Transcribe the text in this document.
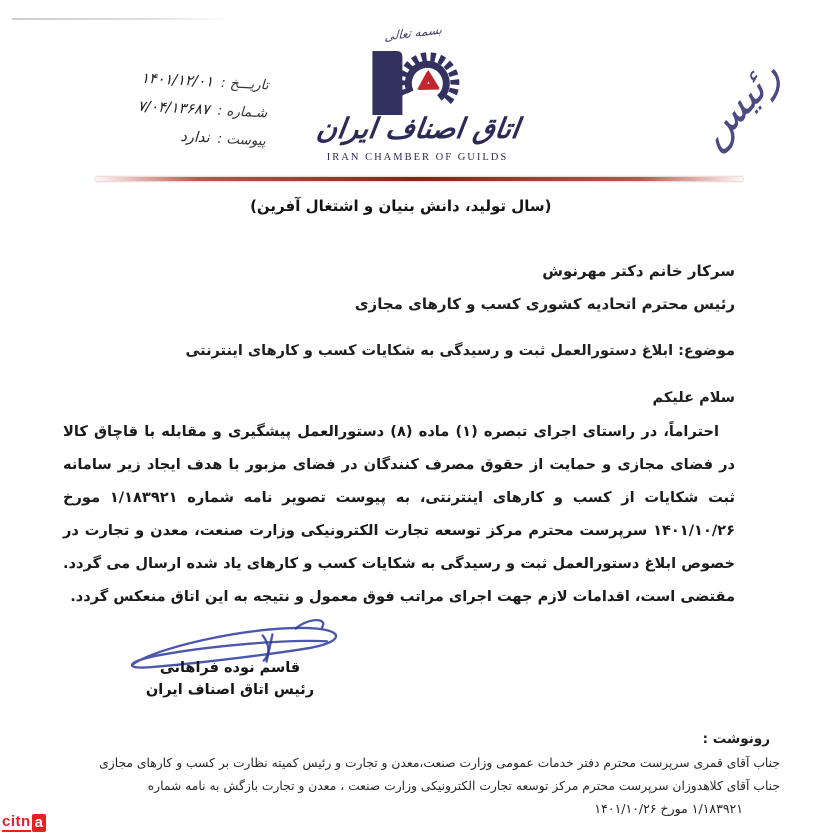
تاریـــخ :
۱۴۰۱/۱۲/۰۱
شـماره :
۷/۰۴/۱۳۶۸۷
پیوست :
ندارد
بسمه تعالی
اتاق اصناف ایران
IRAN CHAMBER OF GUILDS
رئیس
(سال تولید، دانش بنیان و اشتغال آفرین)
سرکار خانم دکتر مهرنوش
رئیس محترم اتحادیه کشوری کسب و کارهای مجازی
موضوع: ابلاغ دستورالعمل ثبت و رسیدگی به شکایات کسب و کارهای اینترنتی
سلام علیکم
احتراماً، در راستای اجرای تبصره (۱) ماده (۸) دستورالعمل پیشگیری و مقابله با قاچاق کالا در فضای مجازی و حمایت از حقوق مصرف کنندگان در فضای مزبور با هدف ایجاد زیر سامانه ثبت شکایات از کسب و کارهای اینترنتی، به پیوست تصویر نامه شماره ۱/۱۸۳۹۲۱ مورخ ۱۴۰۱/۱۰/۲۶ سرپرست محترم مرکز توسعه تجارت الکترونیکی وزارت صنعت، معدن و تجارت در خصوص ابلاغ دستورالعمل ثبت و رسیدگی به شکایات کسب و کارهای یاد شده ارسال می گردد. مقتضی است، اقدامات لازم جهت اجرای مراتب فوق معمول و نتیجه به این اتاق منعکس گردد.
قاسم نوده فراهانی
رئیس اتاق اصناف ایران
رونوشت :
جناب آقای قمری سرپرست محترم دفتر خدمات عمومی وزارت صنعت،معدن و تجارت و رئیس کمیته نظارت بر کسب و کارهای مجازی
جناب آقای کلاهدوزان سرپرست محترم مرکز توسعه تجارت الکترونیکی وزارت صنعت ، معدن و تجارت بازگش به نامه شماره
۱/۱۸۳۹۲۱ مورخ ۱۴۰۱/۱۰/۲۶
citn a
